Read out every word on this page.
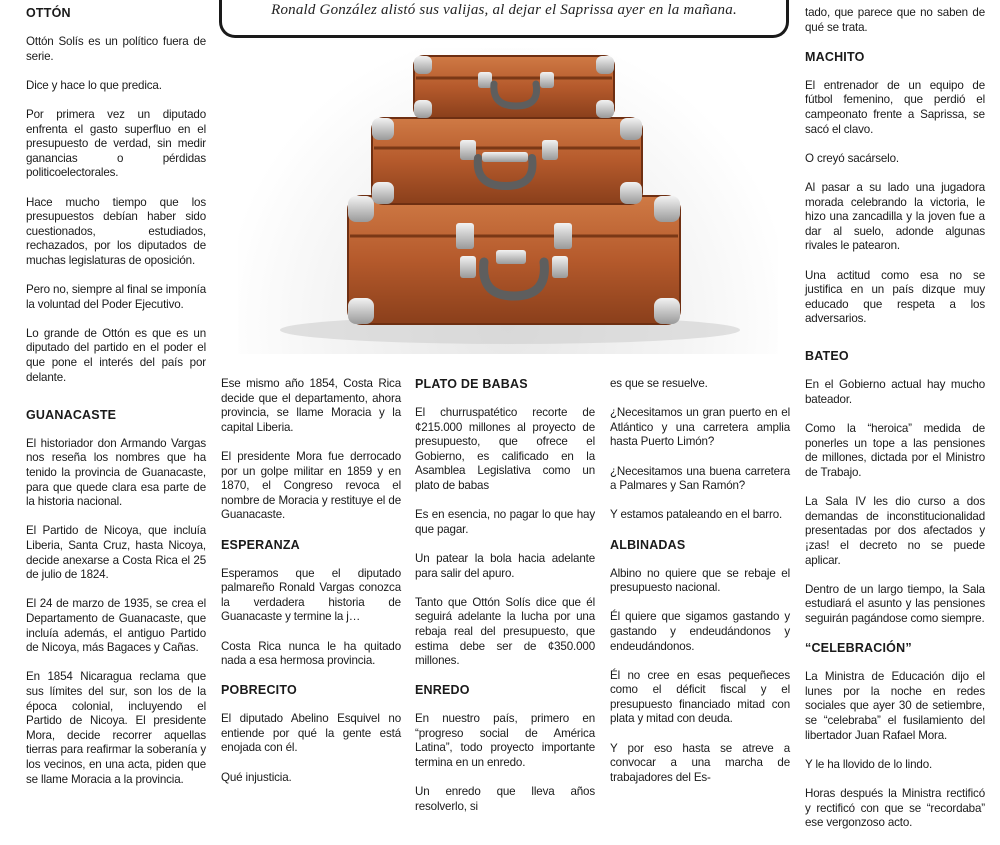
Ronald González alistó sus valijas, al dejar el Saprissa ayer en la mañana.
OTTÓN

Ottón Solís es un político fuera de serie.

Dice y hace lo que predica.

Por primera vez un diputado enfrenta el gasto superfluo en el presupuesto de verdad, sin medir ganancias o pérdidas politicoelectorales.

Hace mucho tiempo que los presupuestos debían haber sido cuestionados, estudiados, rechazados, por los diputados de muchas legislaturas de oposición.

Pero no, siempre al final se imponía la voluntad del Poder Ejecutivo.

Lo grande de Ottón es que es un diputado del partido en el poder el que pone el interés del país por delante.

GUANACASTE

El historiador don Armando Vargas nos reseña los nombres que ha tenido la provincia de Guanacaste, para que quede clara esa parte de la historia nacional.

El Partido de Nicoya, que incluía Liberia, Santa Cruz, hasta Nicoya, decide anexarse a Costa Rica el 25 de julio de 1824.

El 24 de marzo de 1935, se crea el Departamento de Guanacaste, que incluía además, el antiguo Partido de Nicoya, más Bagaces y Cañas.

En 1854 Nicaragua reclama que sus límites del sur, son los de la época colonial, incluyendo el Partido de Nicoya. El presidente Mora, decide recorrer aquellas tierras para reafirmar la soberanía y los vecinos, en una acta, piden que se llame Moracia a la provincia.

Ese mismo año 1854, Costa Rica decide que el departamento, ahora provincia, se llame Moracia y la capital Liberia.

El presidente Mora fue derrocado por un golpe militar en 1859 y en 1870, el Congreso revoca el nombre de Moracia y restituye el de Guanacaste.

ESPERANZA

Esperamos que el diputado palmareño Ronald Vargas conozca la verdadera historia de Guanacaste y termine la j…

Costa Rica nunca le ha quitado nada a esa hermosa provincia.

POBRECITO

El diputado Abelino Esquivel no entiende por qué la gente está enojada con él.

Qué injusticia.

PLATO DE BABAS

El churruspatético recorte de ¢215.000 millones al proyecto de presupuesto, que ofrece el Gobierno, es calificado en la Asamblea Legislativa como un plato de babas

Es en esencia, no pagar lo que hay que pagar.

Un patear la bola hacia adelante para salir del apuro.

Tanto que Ottón Solís dice que él seguirá adelante la lucha por una rebaja real del presupuesto, que estima debe ser de ¢350.000 millones.

ENREDO

En nuestro país, primero en “progreso social de América Latina”, todo proyecto importante termina en un enredo.

Un enredo que lleva años resolverlo, si

es que se resuelve.

¿Necesitamos un gran puerto en el Atlántico y una carretera amplia hasta Puerto Limón?

¿Necesitamos una buena carretera a Palmares y San Ramón?

Y estamos pataleando en el barro.

ALBINADAS

Albino no quiere que se rebaje el presupuesto nacional.

Él quiere que sigamos gastando y gastando y endeudándonos y endeudándonos.

Él no cree en esas pequeñeces como el déficit fiscal y el presupuesto financiado mitad con plata y mitad con deuda.

Y por eso hasta se atreve a convocar a una marcha de trabajadores del Es-

tado, que parece que no saben de qué se trata.

MACHITO

El entrenador de un equipo de fútbol femenino, que perdió el campeonato frente a Saprissa, se sacó el clavo.

O creyó sacárselo.

Al pasar a su lado una jugadora morada celebrando la victoria, le hizo una zancadilla y la joven fue a dar al suelo, adonde algunas rivales le patearon.

Una actitud como esa no se justifica en un país dizque muy educado que respeta a los adversarios.

BATEO

En el Gobierno actual hay mucho bateador.

Como la “heroica” medida de ponerles un tope a las pensiones de millones, dictada por el Ministro de Trabajo.

La Sala IV les dio curso a dos demandas de inconstitucionalidad presentadas por dos afectados y ¡zas! el decreto no se puede aplicar.

Dentro de un largo tiempo, la Sala estudiará el asunto y las pensiones seguirán pagándose como siempre.

“CELEBRACIÓN”

La Ministra de Educación dijo el lunes por la noche en redes sociales que ayer 30 de setiembre, se “celebraba” el fusilamiento del libertador Juan Rafael Mora.

Y le ha llovido de lo lindo.

Horas después la Ministra rectificó y rectificó con que se “recordaba” ese vergonzoso acto.
